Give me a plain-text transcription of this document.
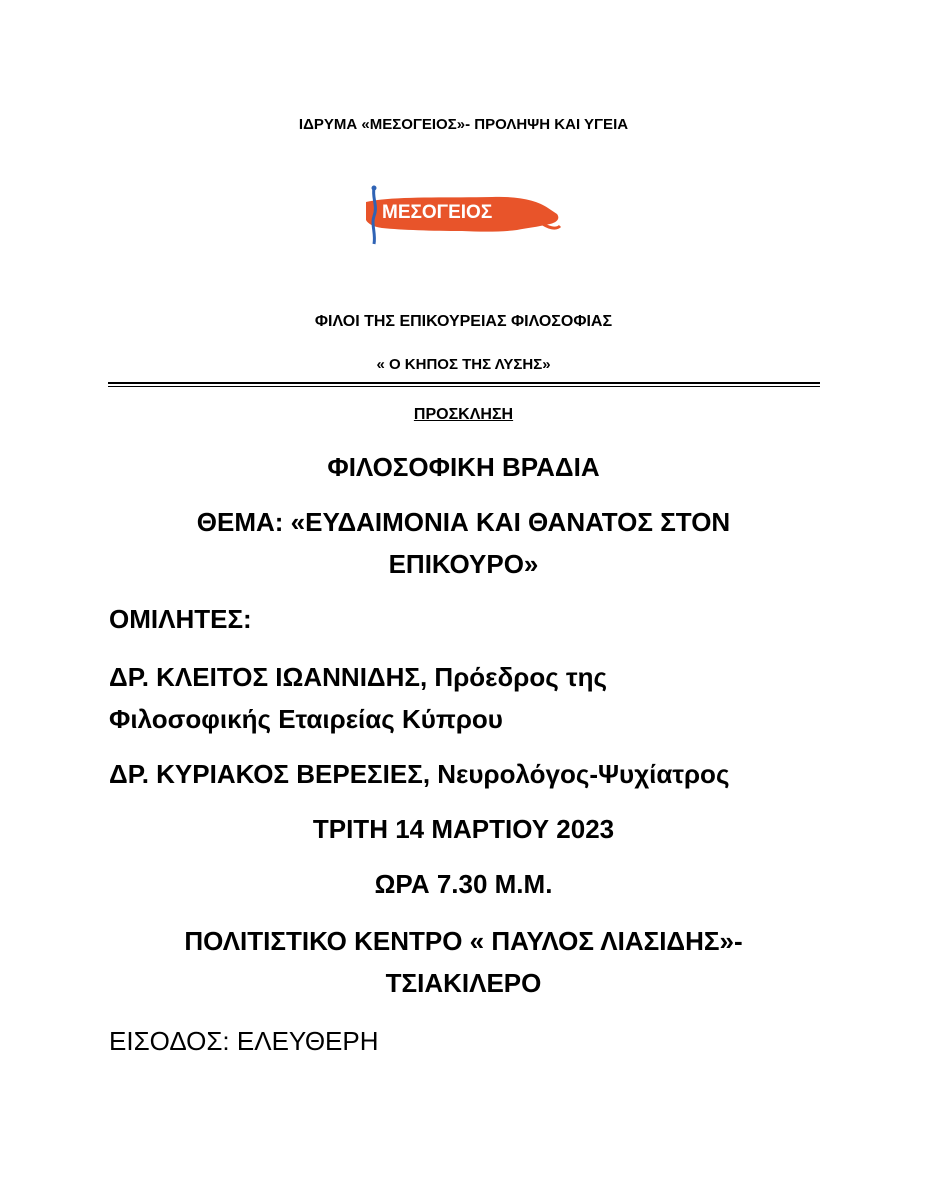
ΙΔΡΥΜΑ «ΜΕΣΟΓΕΙΟΣ»- ΠΡΟΛΗΨΗ ΚΑΙ ΥΓΕΙΑ
ΜΕΣΟΓΕΙΟΣ
ΦΙΛΟΙ ΤΗΣ ΕΠΙΚΟΥΡΕΙΑΣ ΦΙΛΟΣΟΦΙΑΣ
« Ο ΚΗΠΟΣ ΤΗΣ ΛΥΣΗΣ»
ΠΡΟΣΚΛΗΣΗ
ΦΙΛΟΣΟΦΙΚΗ ΒΡΑΔΙΑ
ΘΕΜΑ: «ΕΥΔΑΙΜΟΝΙΑ ΚΑΙ ΘΑΝΑΤΟΣ ΣΤΟΝ
ΕΠΙΚΟΥΡΟ»
ΟΜΙΛΗΤΕΣ:
ΔΡ. ΚΛΕΙΤΟΣ ΙΩΑΝΝΙΔΗΣ, Πρόεδρος της
Φιλοσοφικής Εταιρείας Κύπρου
ΔΡ. ΚΥΡΙΑΚΟΣ ΒΕΡΕΣΙΕΣ, Νευρολόγος-Ψυχίατρος
ΤΡΙΤΗ 14 ΜΑΡΤΙΟΥ 2023
ΩΡΑ 7.30 Μ.Μ.
ΠΟΛΙΤΙΣΤΙΚΟ ΚΕΝΤΡΟ « ΠΑΥΛΟΣ ΛΙΑΣΙΔΗΣ»-
ΤΣΙΑΚΙΛΕΡΟ
ΕΙΣΟΔΟΣ: ΕΛΕΥΘΕΡΗ
